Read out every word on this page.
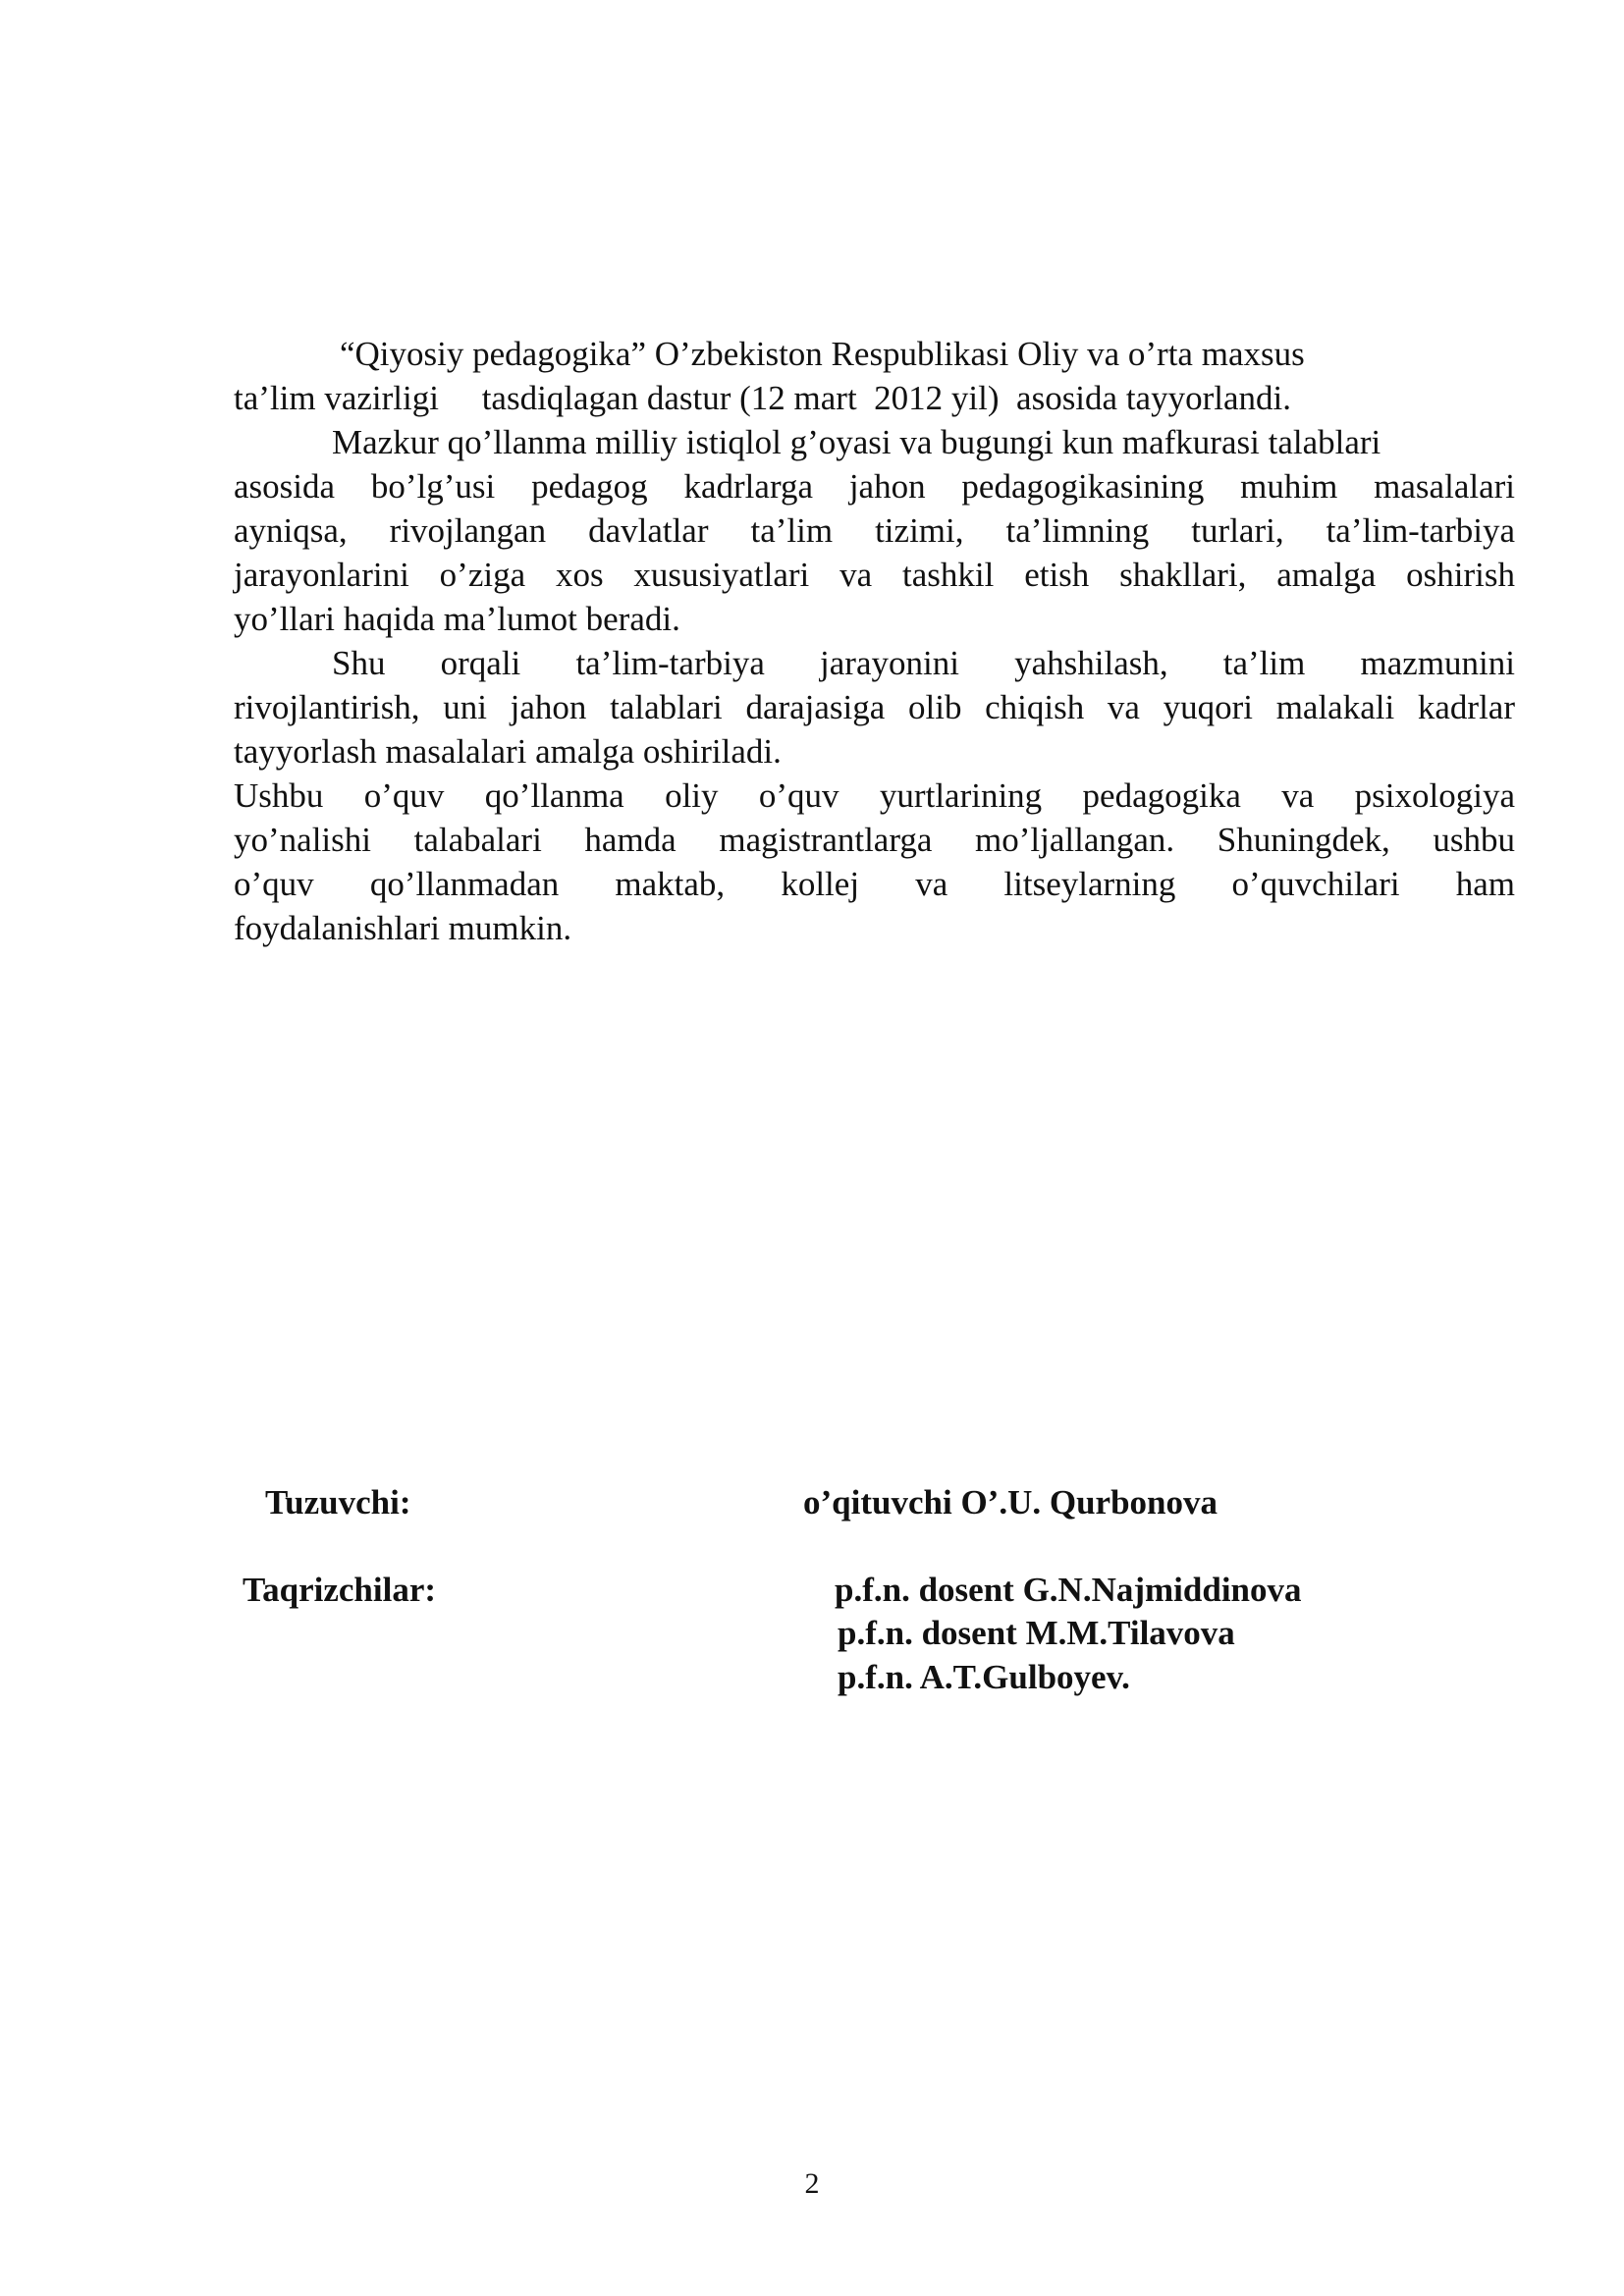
“Qiyosiy pedagogika” O’zbekiston Respublikasi Oliy va o’rta maxsus
ta’lim vazirligi     tasdiqlagan dastur (12 mart  2012 yil)  asosida tayyorlandi.
Mazkur qo’llanma milliy istiqlol g’oyasi va bugungi kun mafkurasi talablari
asosida bo’lg’usi pedagog kadrlarga jahon pedagogikasining muhim masalalari
ayniqsa, rivojlangan davlatlar ta’lim tizimi, ta’limning turlari, ta’lim-tarbiya
jarayonlarini o’ziga xos xususiyatlari va tashkil etish shakllari, amalga oshirish
yo’llari haqida ma’lumot beradi.
Shu orqali ta’lim-tarbiya jarayonini yahshilash, ta’lim mazmunini
rivojlantirish, uni jahon talablari darajasiga olib chiqish va yuqori malakali kadrlar
tayyorlash masalalari amalga oshiriladi.
Ushbu o’quv qo’llanma oliy o’quv yurtlarining pedagogika va psixologiya
yo’nalishi talabalari hamda magistrantlarga mo’ljallangan. Shuningdek, ushbu
o’quv qo’llanmadan maktab, kollej va litseylarning o’quvchilari ham
foydalanishlari mumkin.
Tuzuvchi:	o’qituvchi O’.U. Qurbonova
Taqrizchilar:	p.f.n. dosent G.N.Najmiddinova
p.f.n. dosent M.M.Tilavova
p.f.n. A.T.Gulboyev.
2
